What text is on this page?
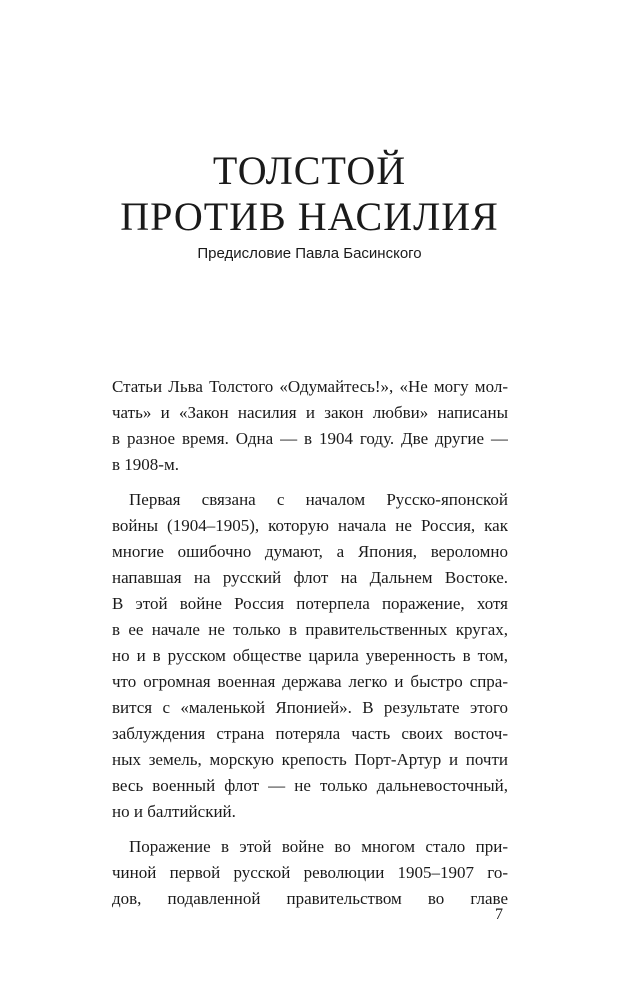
ТОЛСТОЙ
ПРОТИВ НАСИЛИЯ
Предисловие Павла Басинского
Статьи Льва Толстого «Одумайтесь!», «Не могу мол-
чать» и «Закон насилия и закон любви» написаны
в разное время. Одна — в 1904 году. Две другие —
в 1908-м.
Первая связана с началом Русско-японской
войны (1904–1905), которую начала не Россия, как
многие ошибочно думают, а Япония, вероломно
напавшая на русский флот на Дальнем Востоке.
В этой войне Россия потерпела поражение, хотя
в ее начале не только в правительственных кругах,
но и в русском обществе царила уверенность в том,
что огромная военная держава легко и быстро спра-
вится с «маленькой Японией». В результате этого
заблуждения страна потеряла часть своих восточ-
ных земель, морскую крепость Порт-Артур и почти
весь военный флот — не только дальневосточный,
но и балтийский.
Поражение в этой войне во многом стало при-
чиной первой русской революции 1905–1907 го-
дов, подавленной правительством во главе
7
